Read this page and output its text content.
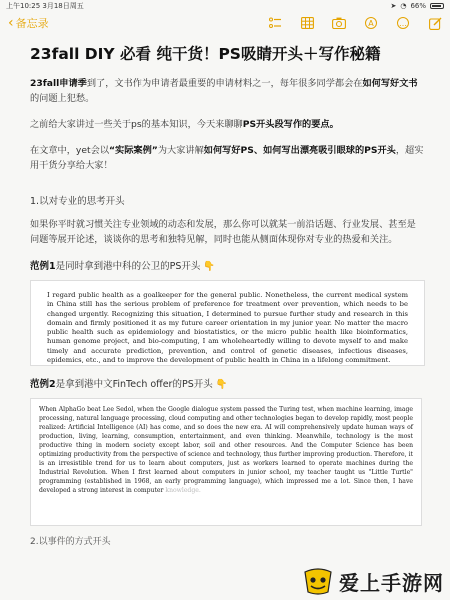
上午10:25 3月18日周五	➤ ◔ 66%
‹ 备忘录	A	…
23fall DIY 必看 纯干货！PS吸睛开头＋写作秘籍

23fall申请季到了，文书作为申请者最重要的申请材料之一，每年很多同学都会在如何写好文书的问题上犯愁。

之前给大家讲过一些关于ps的基本知识，今天来聊聊PS开头段写作的要点。

在文章中，yet会以“实际案例”为大家讲解如何写好PS、如何写出漂亮吸引眼球的PS开头，超实用干货分享给大家！

1.以对专业的思考开头

如果你平时就习惯关注专业领域的动态和发展，那么你可以就某一前沿话题、行业发展、甚至是问题等展开论述，谈谈你的思考和独特见解，同时也能从侧面体现你对专业的热爱和关注。

范例1是同时拿到港中科的公卫的PS开头 👇
I regard public health as a goalkeeper for the general public. Nonetheless, the current medical system in China still has the serious problem of preference for treatment over prevention, which needs to be changed urgently. Recognizing this situation, I determined to pursue further study and research in this domain and firmly positioned it as my future career orientation in my junior year. No matter the macro public health such as epidemiology and biostatistics, or the micro public health like bioinformatics, human genome project, and bio-computing, I am wholeheartedly willing to devote myself to and make timely and accurate prediction, prevention, and control of genetic diseases, infectious diseases, epidemics, etc., and to improve the development of public health in China in a lifelong commitment.
范例2是拿到港中文FinTech offer的PS开头 👇
When AlphaGo beat Lee Sedol, when the Google dialogue system passed the Turing test, when machine learning, image processing, natural language processing, cloud computing and other technologies began to develop rapidly, most people realized: Artificial Intelligence (AI) has come, and so does the new era. AI will comprehensively update human ways of production, living, learning, consumption, entertainment, and even thinking. Meanwhile, technology is the most productive thing in modern society except labor, soil and other resources. And the Computer Science has been optimizing productivity from the perspective of science and technology, thus further improving production. Therefore, it is an irresistible trend for us to learn about computers, just as workers learned to operate machines during the Industrial Revolution. When I first learned about computers in junior school, my teacher taught us "Little Turtle" programming (established in 1968, an early programming language), which impressed me a lot. Since then, I have developed a strong interest in computer knowledge.
2.以事件的方式开头
爱上手游网
